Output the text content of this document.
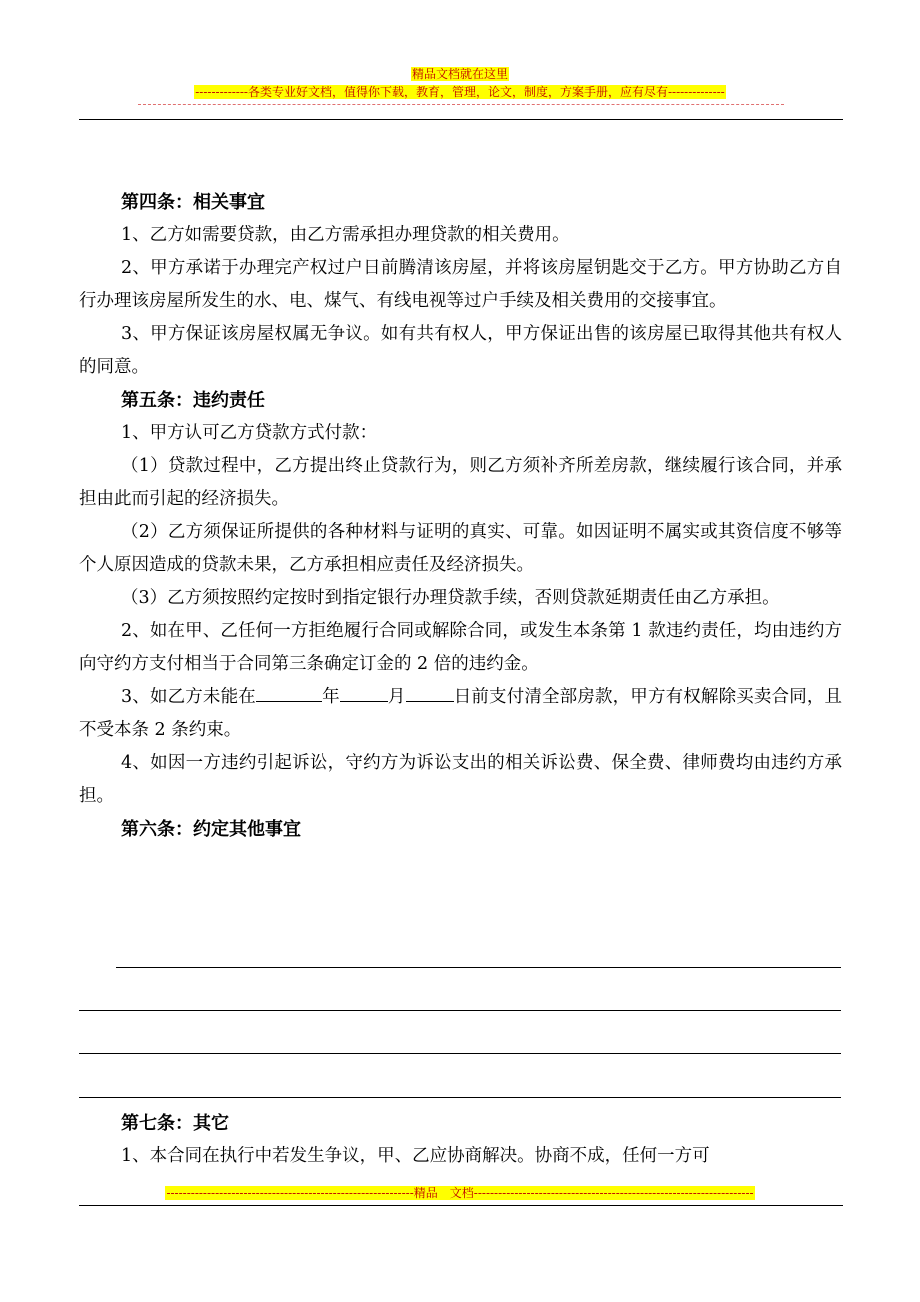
精品文档就在这里
-------------各类专业好文档，值得你下载，教育，管理，论文，制度，方案手册，应有尽有--------------

第四条：相关事宜

1、乙方如需要贷款，由乙方需承担办理贷款的相关费用。

2、甲方承诺于办理完产权过户日前腾清该房屋，并将该房屋钥匙交于乙方。甲方协助乙方自行办理该房屋所发生的水、电、煤气、有线电视等过户手续及相关费用的交接事宜。

3、甲方保证该房屋权属无争议。如有共有权人，甲方保证出售的该房屋已取得其他共有权人的同意。

第五条：违约责任

1、甲方认可乙方贷款方式付款：

（1）贷款过程中，乙方提出终止贷款行为，则乙方须补齐所差房款，继续履行该合同，并承担由此而引起的经济损失。

（2）乙方须保证所提供的各种材料与证明的真实、可靠。如因证明不属实或其资信度不够等个人原因造成的贷款未果，乙方承担相应责任及经济损失。

（3）乙方须按照约定按时到指定银行办理贷款手续，否则贷款延期责任由乙方承担。

2、如在甲、乙任何一方拒绝履行合同或解除合同，或发生本条第 1 款违约责任，均由违约方向守约方支付相当于合同第三条确定订金的 2 倍的违约金。

3、如乙方未能在	年	月	日前支付清全部房款，甲方有权解除买卖合同，且不受本条 2 条约束。

4、如因一方违约引起诉讼，守约方为诉讼支出的相关诉讼费、保全费、律师费均由违约方承担。

第六条：约定其他事宜

第七条：其它

1、本合同在执行中若发生争议，甲、乙应协商解决。协商不成，任何一方可

-------------------------------------------------------------精品　文档---------------------------------------------------------------------
